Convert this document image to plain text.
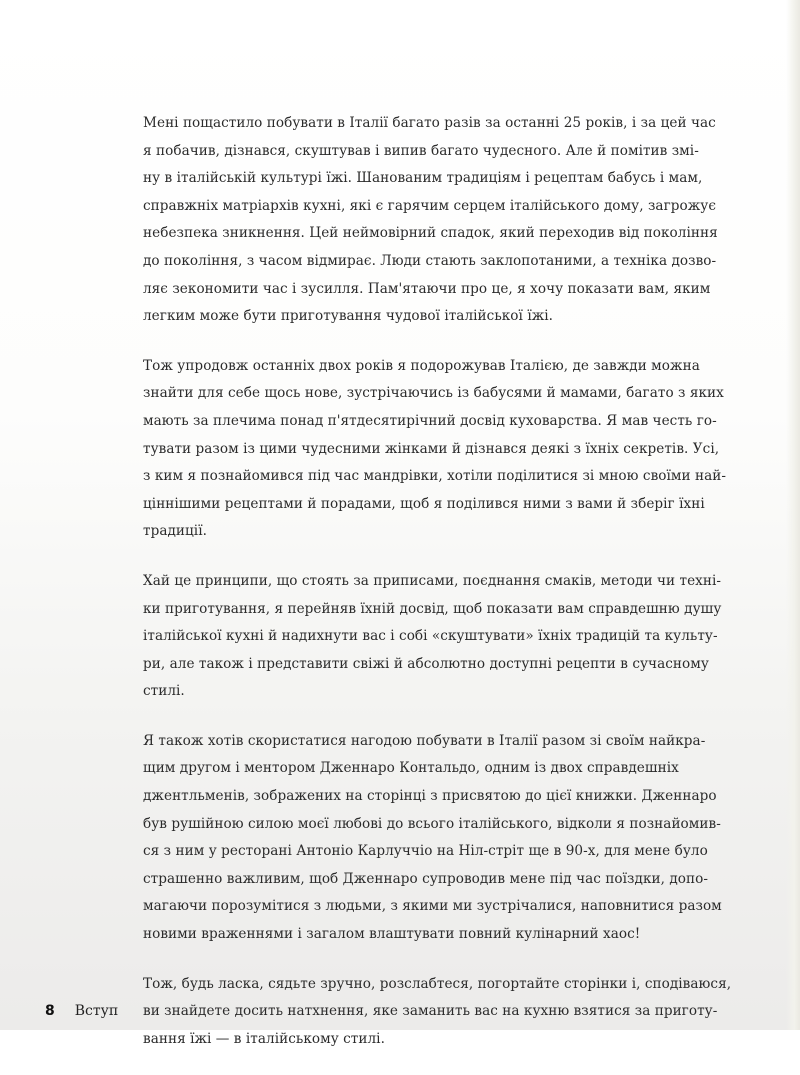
Мені пощастило побувати в Італії багато разів за останні 25 років, і за цей час
я побачив, дізнався, скуштував і випив багато чудесного. Але й помітив змі-
ну в італійській культурі їжі. Шанованим традиціям і рецептам бабусь і мам,
справжніх матріархів кухні, які є гарячим серцем італійського дому, загрожує
небезпека зникнення. Цей неймовірний спадок, який переходив від покоління
до покоління, з часом відмирає. Люди стають заклопотаними, а техніка дозво-
ляє зекономити час і зусилля. Пам'ятаючи про це, я хочу показати вам, яким
легким може бути приготування чудової італійської їжі.

Тож упродовж останніх двох років я подорожував Італією, де завжди можна
знайти для себе щось нове, зустрічаючись із бабусями й мамами, багато з яких
мають за плечима понад п'ятдесятирічний досвід куховарства. Я мав честь го-
тувати разом із цими чудесними жінками й дізнався деякі з їхніх секретів. Усі,
з ким я познайомився під час мандрівки, хотіли поділитися зі мною своїми най-
ціннішими рецептами й порадами, щоб я поділився ними з вами й зберіг їхні
традиції.

Хай це принципи, що стоять за приписами, поєднання смаків, методи чи техні-
ки приготування, я перейняв їхній досвід, щоб показати вам справдешню душу
італійської кухні й надихнути вас і собі «скуштувати» їхніх традицій та культу-
ри, але також і представити свіжі й абсолютно доступні рецепти в сучасному
стилі.

Я також хотів скористатися нагодою побувати в Італії разом зі своїм найкра-
щим другом і ментором Дженнаро Контальдо, одним із двох справдешніх
джентльменів, зображених на сторінці з присвятою до цієї книжки. Дженнаро
був рушійною силою моєї любові до всього італійського, відколи я познайомив-
ся з ним у ресторані Антоніо Карлуччіо на Ніл-стріт ще в 90-х, для мене було
страшенно важливим, щоб Дженнаро супроводив мене під час поїздки, допо-
магаючи порозумітися з людьми, з якими ми зустрічалися, наповнитися разом
новими враженнями і загалом влаштувати повний кулінарний хаос!

Тож, будь ласка, сядьте зручно, розслабтеся, погортайте сторінки і, сподіваюся,
ви знайдете досить натхнення, яке заманить вас на кухню взятися за приготу-
вання їжі — в італійському стилі.

8 Вступ
